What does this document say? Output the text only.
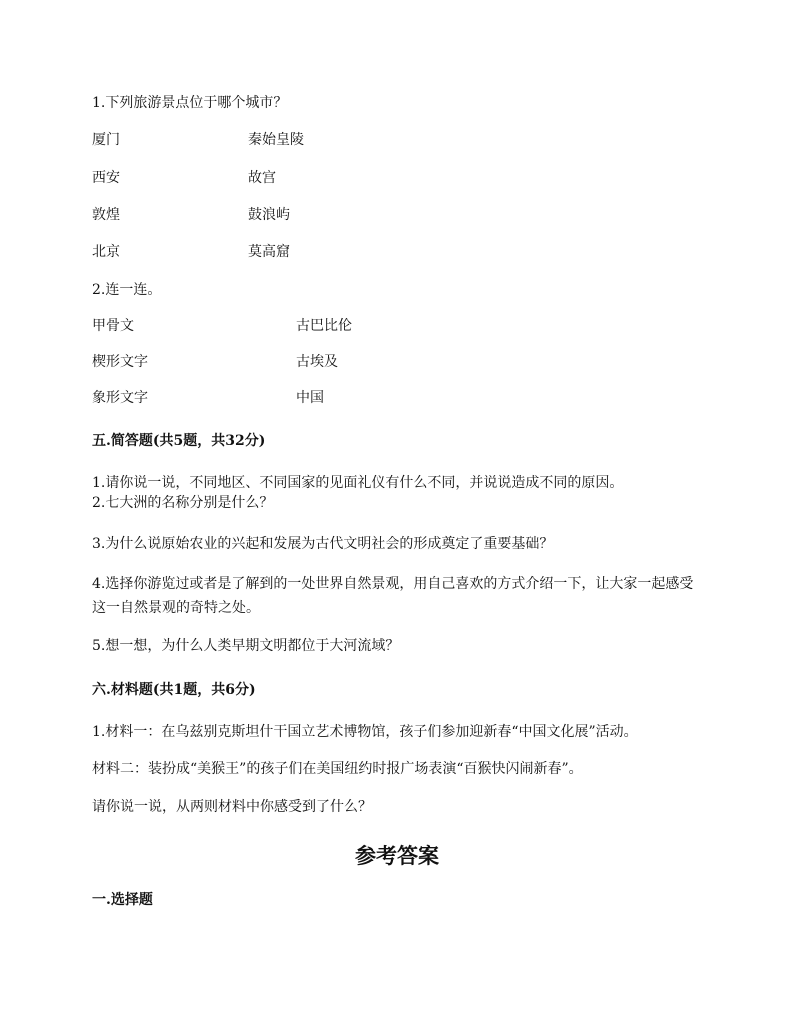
1.下列旅游景点位于哪个城市？
厦门	秦始皇陵
西安	故宫
敦煌	鼓浪屿
北京	莫高窟
2.连一连。
甲骨文	古巴比伦
楔形文字	古埃及
象形文字	中国
五.简答题(共5题，共32分)
1.请你说一说，不同地区、不同国家的见面礼仪有什么不同，并说说造成不同的原因。
2.七大洲的名称分别是什么？
3.为什么说原始农业的兴起和发展为古代文明社会的形成奠定了重要基础？
4.选择你游览过或者是了解到的一处世界自然景观，用自己喜欢的方式介绍一下，让大家一起感受这一自然景观的奇特之处。
5.想一想，为什么人类早期文明都位于大河流域？
六.材料题(共1题，共6分)
1.材料一：在乌兹别克斯坦什干国立艺术博物馆，孩子们参加迎新春“中国文化展”活动。
材料二：装扮成“美猴王”的孩子们在美国纽约时报广场表演“百猴快闪闹新春”。
请你说一说，从两则材料中你感受到了什么？
参考答案
一.选择题
